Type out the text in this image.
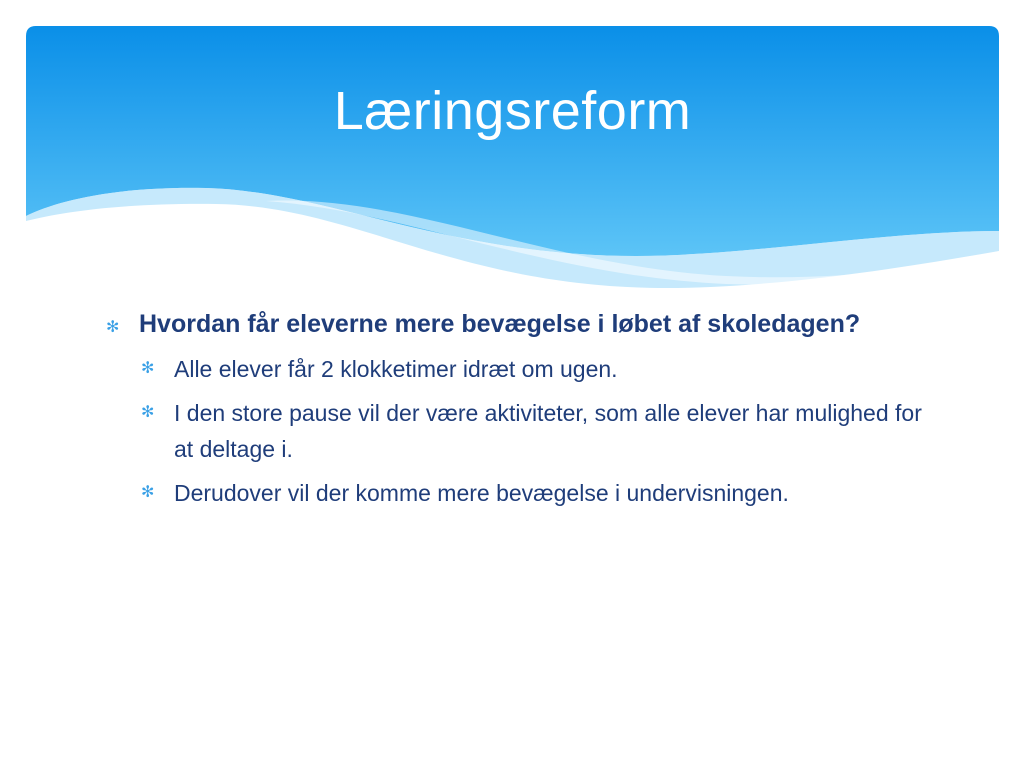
Læringsreform
✻ Hvordan får eleverne mere bevægelse i løbet af skoledagen?
✻ Alle elever får 2 klokketimer idræt om ugen.
✻ I den store pause vil der være aktiviteter, som alle elever har mulighed for at deltage i.
✻ Derudover vil der komme mere bevægelse i undervisningen.
